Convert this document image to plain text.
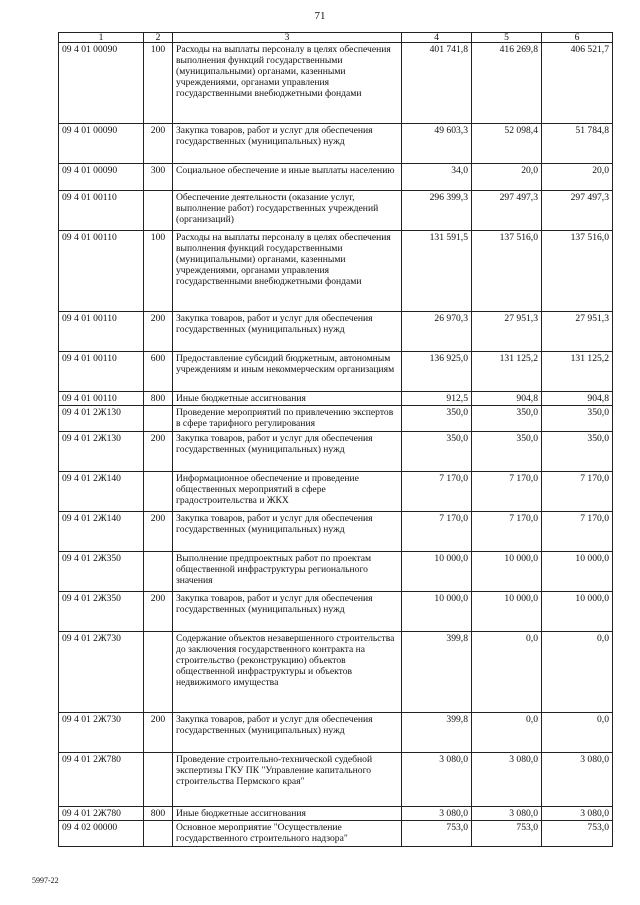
71
1	2	3	4	5	6
09 4 01 00090	100	Расходы на выплаты персоналу в целях обеспечения выполнения функций государственными (муниципальными) органами, казенными учреждениями, органами управления государственными внебюджетными фондами	401 741,8	416 269,8	406 521,7
09 4 01 00090	200	Закупка товаров, работ и услуг для обеспечения государственных (муниципальных) нужд	49 603,3	52 098,4	51 784,8
09 4 01 00090	300	Социальное обеспечение и иные выплаты населению	34,0	20,0	20,0
09 4 01 00110		Обеспечение деятельности (оказание услуг, выполнение работ) государственных учреждений (организаций)	296 399,3	297 497,3	297 497,3
09 4 01 00110	100	Расходы на выплаты персоналу в целях обеспечения выполнения функций государственными (муниципальными) органами, казенными учреждениями, органами управления государственными внебюджетными фондами	131 591,5	137 516,0	137 516,0
09 4 01 00110	200	Закупка товаров, работ и услуг для обеспечения государственных (муниципальных) нужд	26 970,3	27 951,3	27 951,3
09 4 01 00110	600	Предоставление субсидий бюджетным, автономным учреждениям и иным некоммерческим организациям	136 925,0	131 125,2	131 125,2
09 4 01 00110	800	Иные бюджетные ассигнования	912,5	904,8	904,8
09 4 01 2Ж130		Проведение мероприятий по привлечению экспертов в сфере тарифного регулирования	350,0	350,0	350,0
09 4 01 2Ж130	200	Закупка товаров, работ и услуг для обеспечения государственных (муниципальных) нужд	350,0	350,0	350,0
09 4 01 2Ж140		Информационное обеспечение и проведение общественных мероприятий в сфере градостроительства и ЖКХ	7 170,0	7 170,0	7 170,0
09 4 01 2Ж140	200	Закупка товаров, работ и услуг для обеспечения государственных (муниципальных) нужд	7 170,0	7 170,0	7 170,0
09 4 01 2Ж350		Выполнение предпроектных работ по проектам общественной инфраструктуры регионального значения	10 000,0	10 000,0	10 000,0
09 4 01 2Ж350	200	Закупка товаров, работ и услуг для обеспечения государственных (муниципальных) нужд	10 000,0	10 000,0	10 000,0
09 4 01 2Ж730		Содержание объектов незавершенного строительства до заключения государственного контракта на строительство (реконструкцию) объектов общественной инфраструктуры и объектов недвижимого имущества	399,8	0,0	0,0
09 4 01 2Ж730	200	Закупка товаров, работ и услуг для обеспечения государственных (муниципальных) нужд	399,8	0,0	0,0
09 4 01 2Ж780		Проведение строительно-технической судебной экспертизы ГКУ ПК "Управление капитального строительства Пермского края"	3 080,0	3 080,0	3 080,0
09 4 01 2Ж780	800	Иные бюджетные ассигнования	3 080,0	3 080,0	3 080,0
09 4 02 00000		Основное мероприятие "Осуществление государственного строительного надзора"	753,0	753,0	753,0
5997-22
